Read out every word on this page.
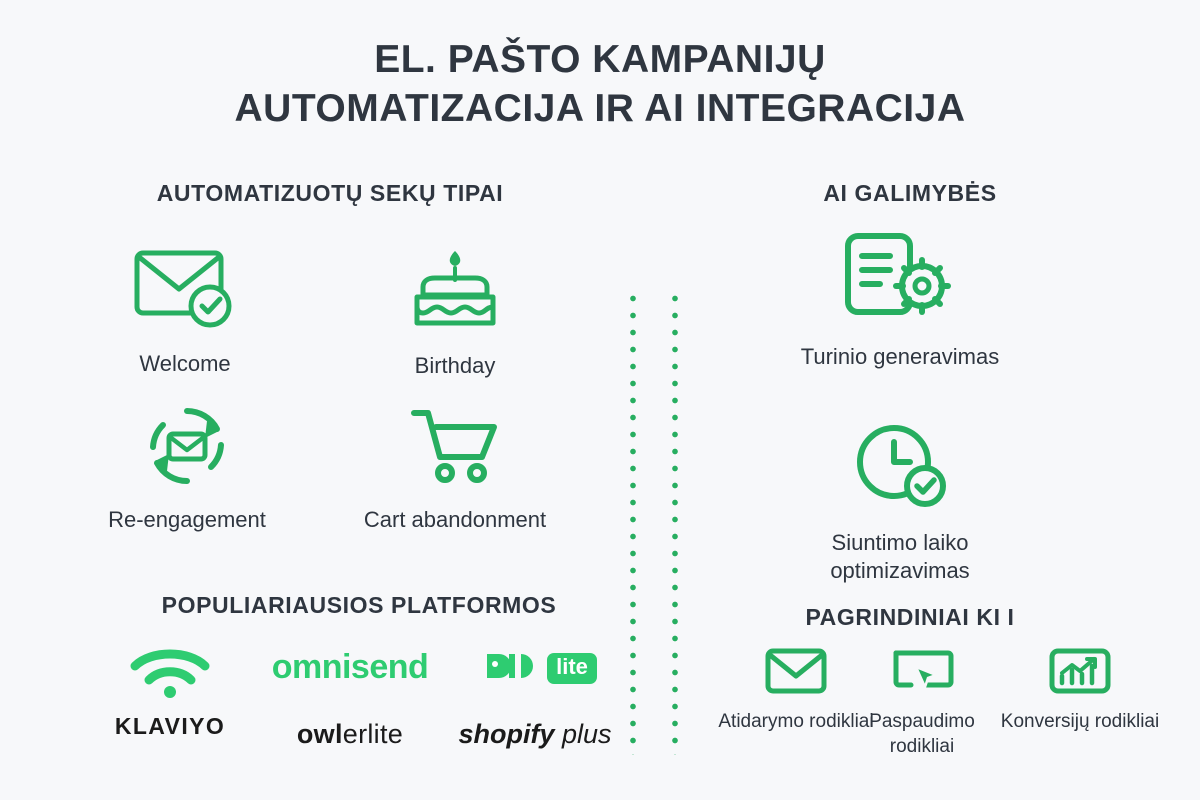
EL. PAŠTO KAMPANIJŲ
AUTOMATIZACIJA IR AI INTEGRACIJA
AUTOMATIZUOTŲ SEKŲ TIPAI	AI GALIMYBĖS
POPULIARIAUSIOS PLATFORMOS	PAGRINDINIAI KI I
Welcome	Birthday
Re-engagement	Cart abandonment
Turinio generavimas
Siuntimo laiko optimizavimas
Atidarymo rodikliai
Paspaudimo rodikliai
Konversijų rodikliai
KLAVIYO
omnisend	lite
owlerlite	shopify plus
